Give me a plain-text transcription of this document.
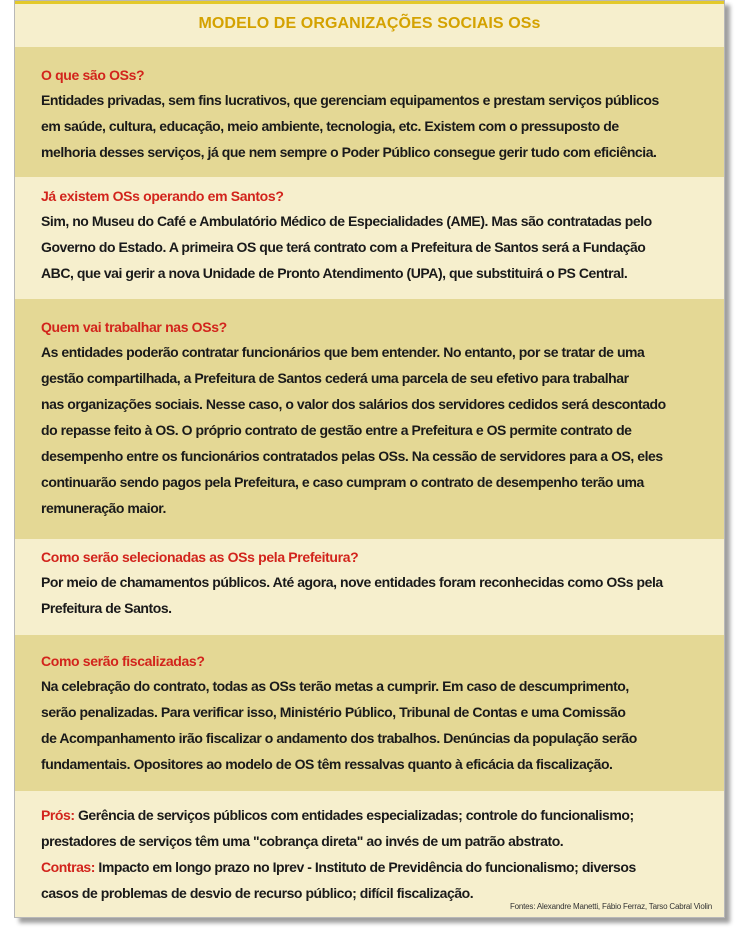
MODELO DE ORGANIZAÇÕES SOCIAIS OSs
O que são OSs?
Entidades privadas, sem fins lucrativos, que gerenciam equipamentos e prestam serviços públicos
em saúde, cultura, educação, meio ambiente, tecnologia, etc. Existem com o pressuposto de
melhoria desses serviços, já que nem sempre o Poder Público consegue gerir tudo com eficiência.
Já existem OSs operando em Santos?
Sim, no Museu do Café e Ambulatório Médico de Especialidades (AME). Mas são contratadas pelo
Governo do Estado. A primeira OS que terá contrato com a Prefeitura de Santos será a Fundação
ABC, que vai gerir a nova Unidade de Pronto Atendimento (UPA), que substituirá o PS Central.
Quem vai trabalhar nas OSs?
As entidades poderão contratar funcionários que bem entender. No entanto, por se tratar de uma
gestão compartilhada, a Prefeitura de Santos cederá uma parcela de seu efetivo para trabalhar
nas organizações sociais. Nesse caso, o valor dos salários dos servidores cedidos será descontado
do repasse feito à OS. O próprio contrato de gestão entre a Prefeitura e OS permite contrato de
desempenho entre os funcionários contratados pelas OSs. Na cessão de servidores para a OS, eles
continuarão sendo pagos pela Prefeitura, e caso cumpram o contrato de desempenho terão uma
remuneração maior.
Como serão selecionadas as OSs pela Prefeitura?
Por meio de chamamentos públicos. Até agora, nove entidades foram reconhecidas como OSs pela
Prefeitura de Santos.
Como serão fiscalizadas?
Na celebração do contrato, todas as OSs terão metas a cumprir. Em caso de descumprimento,
serão penalizadas. Para verificar isso, Ministério Público, Tribunal de Contas e uma Comissão
de Acompanhamento irão fiscalizar o andamento dos trabalhos. Denúncias da população serão
fundamentais. Opositores ao modelo de OS têm ressalvas quanto à eficácia da fiscalização.
Prós: Gerência de serviços públicos com entidades especializadas; controle do funcionalismo;
prestadores de serviços têm uma "cobrança direta" ao invés de um patrão abstrato.
Contras: Impacto em longo prazo no Iprev - Instituto de Previdência do funcionalismo; diversos
casos de problemas de desvio de recurso público; difícil fiscalização.
Fontes: Alexandre Manetti, Fábio Ferraz, Tarso Cabral Violin
